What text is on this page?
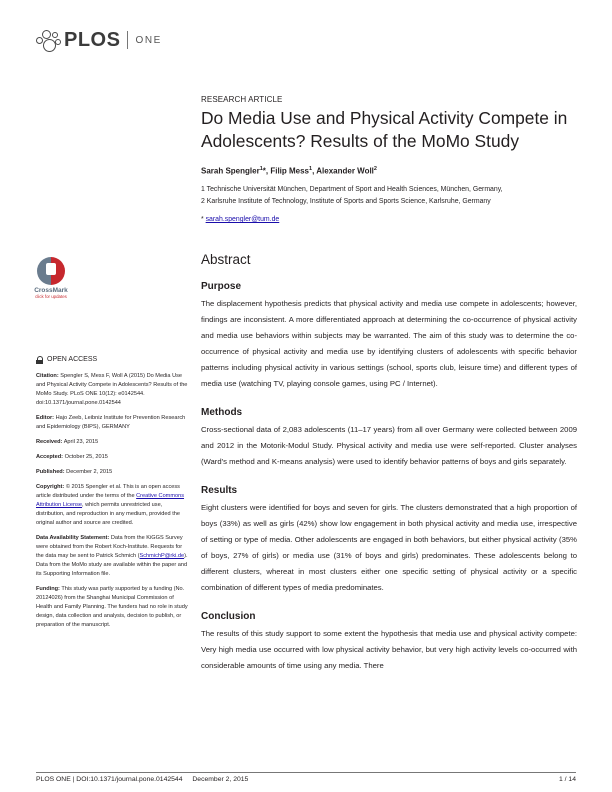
PLOS ONE
RESEARCH ARTICLE
Do Media Use and Physical Activity Compete in Adolescents? Results of the MoMo Study
Sarah Spengler$^1$*, Filip Mess$^1$, Alexander Woll$^2$
1 Technische Universität München, Department of Sport and Health Sciences, München, Germany,
2 Karlsruhe Institute of Technology, Institute of Sports and Sports Science, Karlsruhe, Germany
* sarah.spengler@tum.de
CrossMark
click for updates
OPEN ACCESS

Citation: Spengler S, Mess F, Woll A (2015) Do Media Use and Physical Activity Compete in Adolescents? Results of the MoMo Study. PLoS ONE 10(12): e0142544. doi:10.1371/journal.pone.0142544

Editor: Hajo Zeeb, Leibniz Institute for Prevention Research and Epidemiology (BIPS), GERMANY

Received: April 23, 2015

Accepted: October 25, 2015

Published: December 2, 2015

Copyright: © 2015 Spengler et al. This is an open access article distributed under the terms of the Creative Commons Attribution License, which permits unrestricted use, distribution, and reproduction in any medium, provided the original author and source are credited.

Data Availability Statement: Data from the KiGGS Survey were obtained from the Robert Koch-Institute. Requests for the data may be sent to Patrick Schmich (SchmichP@rki.de). Data from the MoMo study are available within the paper and its Supporting Information file.

Funding: This study was partly supported by a funding (No. 20124026) from the Shanghai Municipal Commission of Health and Family Planning. The funders had no role in study design, data collection and analysis, decision to publish, or preparation of the manuscript.

Abstract
Purpose

The displacement hypothesis predicts that physical activity and media use compete in adolescents; however, findings are inconsistent. A more differentiated approach at determining the co-occurrence of physical activity and media use behaviors within subjects may be warranted. The aim of this study was to determine the co-occurrence of physical activity and media use by identifying clusters of adolescents with specific behavior patterns including physical activity in various settings (school, sports club, leisure time) and different types of media use (watching TV, playing console games, using PC / Internet).

Methods

Cross-sectional data of 2,083 adolescents (11–17 years) from all over Germany were collected between 2009 and 2012 in the Motorik-Modul Study. Physical activity and media use were self-reported. Cluster analyses (Ward's method and K-means analysis) were used to identify behavior patterns of boys and girls separately.

Results

Eight clusters were identified for boys and seven for girls. The clusters demonstrated that a high proportion of boys (33%) as well as girls (42%) show low engagement in both physical activity and media use, irrespective of setting or type of media. Other adolescents are engaged in both behaviors, but either physical activity (35% of boys, 27% of girls) or media use (31% of boys and girls) predominates. These adolescents belong to different clusters, whereat in most clusters either one specific setting of physical activity or a specific combination of different types of media predominates.

Conclusion

The results of this study support to some extent the hypothesis that media use and physical activity compete: Very high media use occurred with low physical activity behavior, but very high activity levels co-occurred with considerable amounts of time using any media. There

PLOS ONE | DOI:10.1371/journal.pone.0142544 December 2, 2015	1 / 14
